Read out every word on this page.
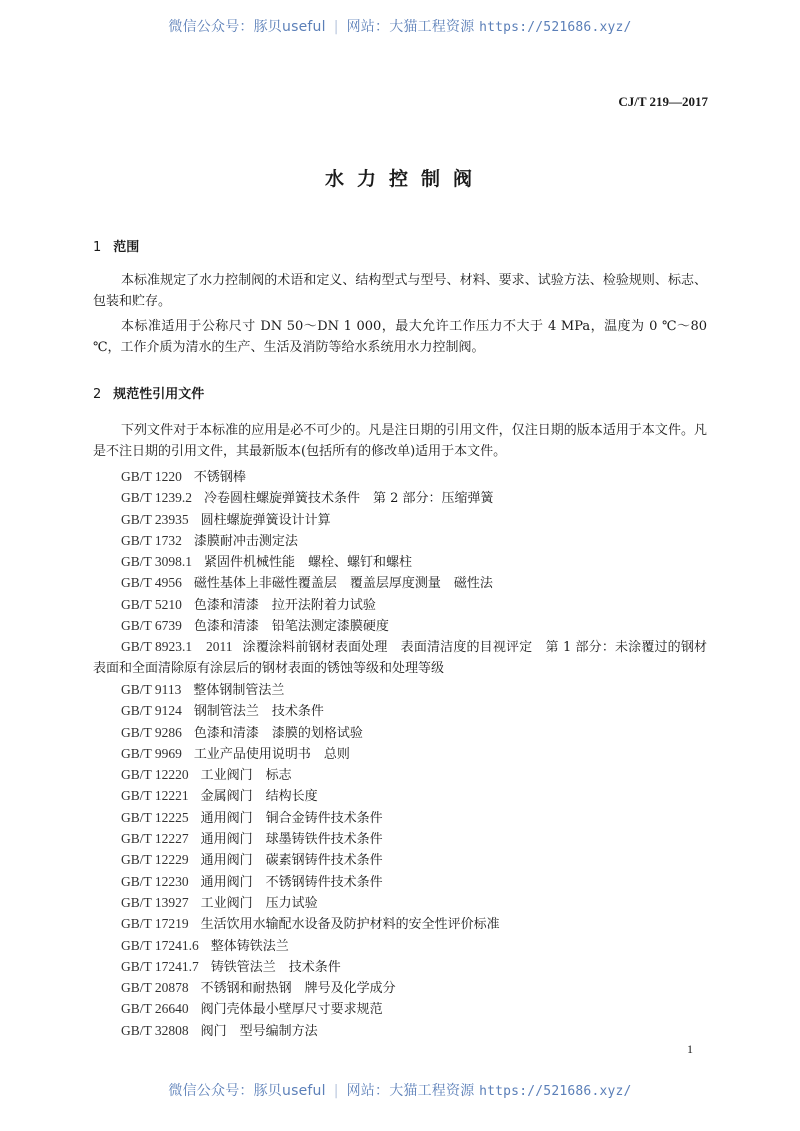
微信公众号：豚贝useful | 网站：大猫工程资源 https://521686.xyz/
CJ/T 219—2017
水力控制阀
1 范围
本标准规定了水力控制阀的术语和定义、结构型式与型号、材料、要求、试验方法、检验规则、标志、包装和贮存。
本标准适用于公称尺寸 DN 50～DN 1 000，最大允许工作压力不大于 4 MPa，温度为 0 ℃～80 ℃，工作介质为清水的生产、生活及消防等给水系统用水力控制阀。
2 规范性引用文件
下列文件对于本标准的应用是必不可少的。凡是注日期的引用文件，仅注日期的版本适用于本文件。凡是不注日期的引用文件，其最新版本(包括所有的修改单)适用于本文件。
GB/T 1220 不锈钢棒
GB/T 1239.2 冷卷圆柱螺旋弹簧技术条件　第 2 部分：压缩弹簧
GB/T 23935 圆柱螺旋弹簧设计计算
GB/T 1732 漆膜耐冲击测定法
GB/T 3098.1 紧固件机械性能　螺栓、螺钉和螺柱
GB/T 4956 磁性基体上非磁性覆盖层　覆盖层厚度测量　磁性法
GB/T 5210 色漆和清漆　拉开法附着力试验
GB/T 6739 色漆和清漆　铅笔法测定漆膜硬度
GB/T 8923.1　2011 涂覆涂料前钢材表面处理　表面清洁度的目视评定　第 1 部分：未涂覆过的钢材表面和全面清除原有涂层后的钢材表面的锈蚀等级和处理等级
GB/T 9113 整体钢制管法兰
GB/T 9124 钢制管法兰　技术条件
GB/T 9286 色漆和清漆　漆膜的划格试验
GB/T 9969 工业产品使用说明书　总则
GB/T 12220 工业阀门　标志
GB/T 12221 金属阀门　结构长度
GB/T 12225 通用阀门　铜合金铸件技术条件
GB/T 12227 通用阀门　球墨铸铁件技术条件
GB/T 12229 通用阀门　碳素钢铸件技术条件
GB/T 12230 通用阀门　不锈钢铸件技术条件
GB/T 13927 工业阀门　压力试验
GB/T 17219 生活饮用水输配水设备及防护材料的安全性评价标准
GB/T 17241.6 整体铸铁法兰
GB/T 17241.7 铸铁管法兰　技术条件
GB/T 20878 不锈钢和耐热钢　牌号及化学成分
GB/T 26640 阀门壳体最小壁厚尺寸要求规范
GB/T 32808 阀门　型号编制方法
1
微信公众号：豚贝useful | 网站：大猫工程资源 https://521686.xyz/
